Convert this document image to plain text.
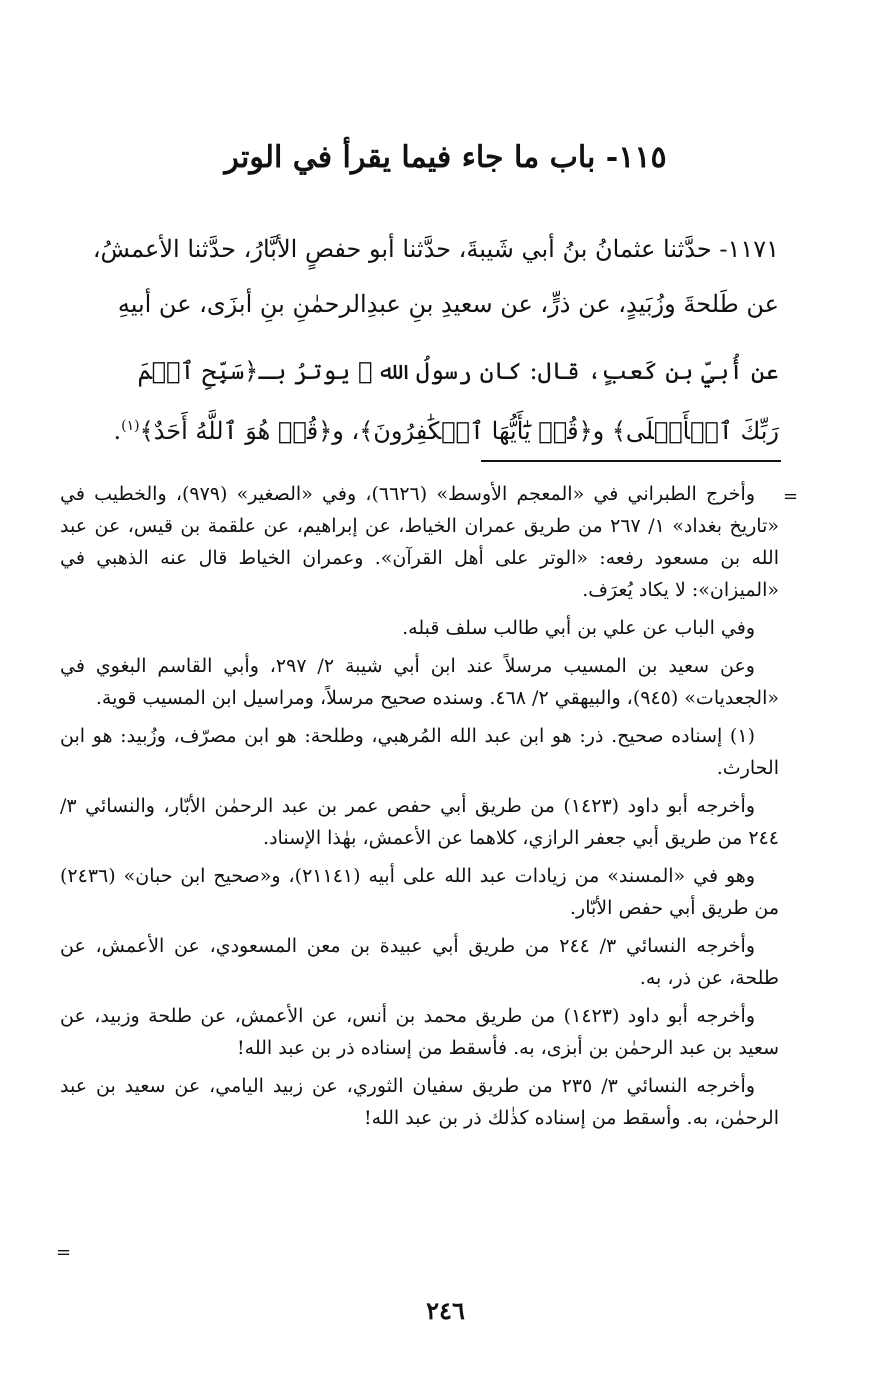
١١٥- باب ما جاء فيما يقرأ في الوتر

١١٧١- حدَّثنا عثمانُ بنُ أبي شَيبةَ، حدَّثنا أبو حفصٍ الأبَّارُ، حدَّثنا الأعمشُ،

عن طَلحةَ وزُبَيدٍ، عن ذرٍّ، عن سعيدِ بنِ عبدِالرحمٰنِ بنِ أبزَى، عن أبيهِ

عن أُبيِّ بن كَعبٍ، قال: كان رسولُ الله ﷺ يوترُ بـ﴿سَبِّحِ ٱسۡمَ

رَبِّكَ ٱلۡأَعۡلَى﴾ و﴿قُلۡ يَٰٓأَيُّهَا ٱلۡكَٰفِرُونَ﴾، و﴿قُلۡ هُوَ ٱللَّهُ أَحَدٌ﴾$^{(١)}$.

=

وأخرج الطبراني في «المعجم الأوسط» (٦٦٢٦)، وفي «الصغير» (٩٧٩)، والخطيب في «تاريخ بغداد» ١/ ٢٦٧ من طريق عمران الخياط، عن إبراهيم، عن علقمة بن قيس، عن عبد الله بن مسعود رفعه: «الوتر على أهل القرآن». وعمران الخياط قال عنه الذهبي في «الميزان»: لا يكاد يُعرَف.

وفي الباب عن علي بن أبي طالب سلف قبله.

وعن سعيد بن المسيب مرسلاً عند ابن أبي شيبة ٢/ ٢٩٧، وأبي القاسم البغوي في «الجعديات» (٩٤٥)، والبيهقي ٢/ ٤٦٨. وسنده صحيح مرسلاً، ومراسيل ابن المسيب قوية.

(١) إسناده صحيح. ذر: هو ابن عبد الله المُرهبي، وطلحة: هو ابن مصرّف، وزُبيد: هو ابن الحارث.

وأخرجه أبو داود (١٤٢٣) من طريق أبي حفص عمر بن عبد الرحمٰن الأبّار، والنسائي ٣/ ٢٤٤ من طريق أبي جعفر الرازي، كلاهما عن الأعمش، بهٰذا الإسناد.

وهو في «المسند» من زيادات عبد الله على أبيه (٢١١٤١)، و«صحيح ابن حبان» (٢٤٣٦) من طريق أبي حفص الأبّار.

وأخرجه النسائي ٣/ ٢٤٤ من طريق أبي عبيدة بن معن المسعودي، عن الأعمش، عن طلحة، عن ذر، به.

وأخرجه أبو داود (١٤٢٣) من طريق محمد بن أنس، عن الأعمش، عن طلحة وزبيد، عن سعيد بن عبد الرحمٰن بن أبزى، به. فأسقط من إسناده ذر بن عبد الله!

وأخرجه النسائي ٣/ ٢٣٥ من طريق سفيان الثوري، عن زبيد اليامي، عن سعيد بن عبد الرحمٰن، به. وأسقط من إسناده كذٰلك ذر بن عبد الله!

=
٢٤٦
